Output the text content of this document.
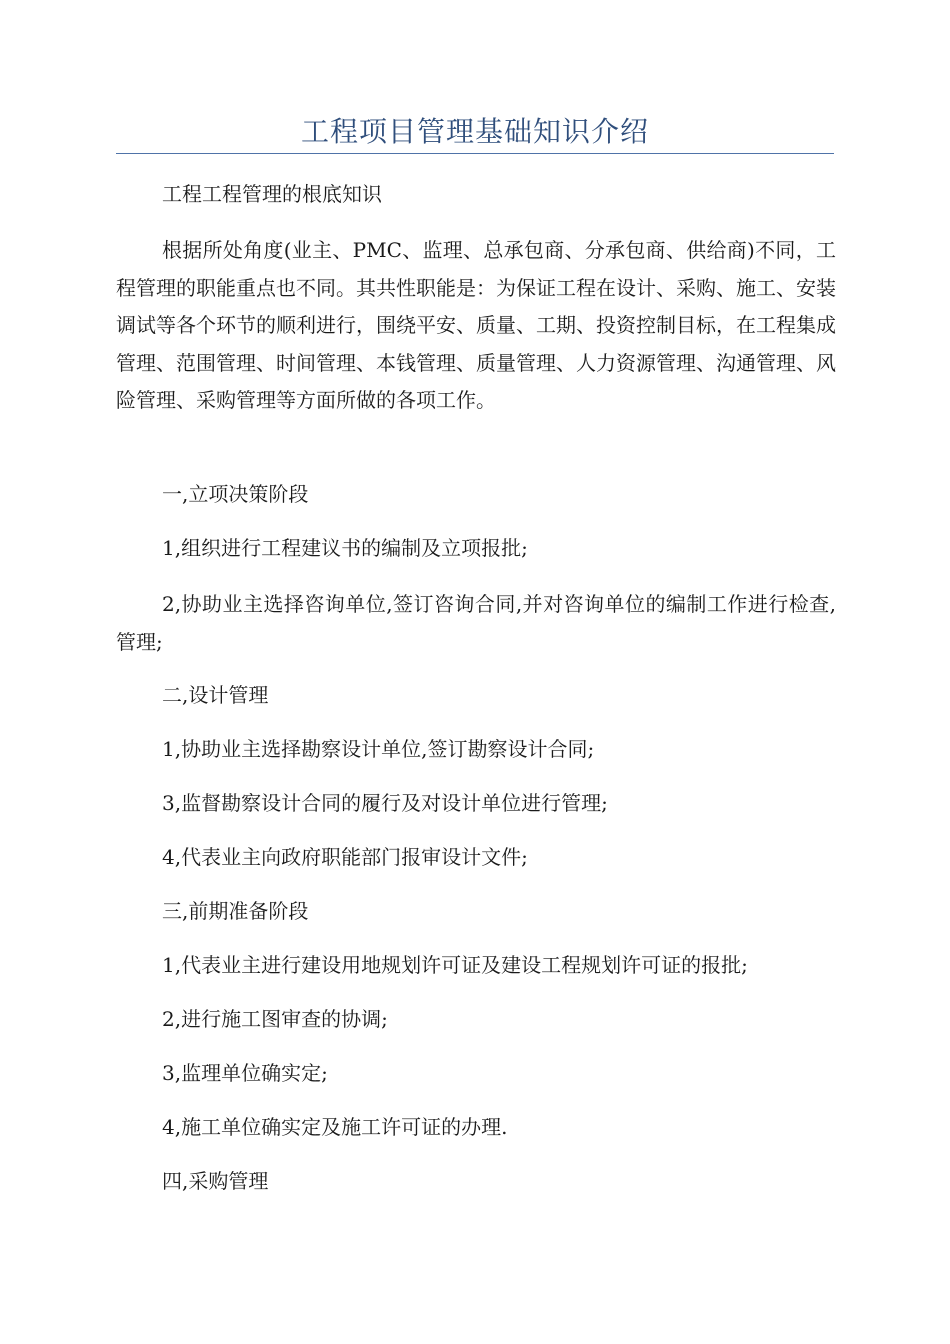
工程项目管理基础知识介绍

工程工程管理的根底知识

根据所处角度(业主、PMC、监理、总承包商、分承包商、供给商)不同，工程管理的职能重点也不同。其共性职能是：为保证工程在设计、采购、施工、安装调试等各个环节的顺利进行，围绕平安、质量、工期、投资控制目标，在工程集成管理、范围管理、时间管理、本钱管理、质量管理、人力资源管理、沟通管理、风险管理、采购管理等方面所做的各项工作。

一,立项决策阶段

1,组织进行工程建议书的编制及立项报批;

2,协助业主选择咨询单位,签订咨询合同,并对咨询单位的编制工作进行检查,管理;

二,设计管理

1,协助业主选择勘察设计单位,签订勘察设计合同;

3,监督勘察设计合同的履行及对设计单位进行管理;

4,代表业主向政府职能部门报审设计文件;

三,前期准备阶段

1,代表业主进行建设用地规划许可证及建设工程规划许可证的报批;

2,进行施工图审查的协调;

3,监理单位确实定;

4,施工单位确实定及施工许可证的办理.

四,采购管理
